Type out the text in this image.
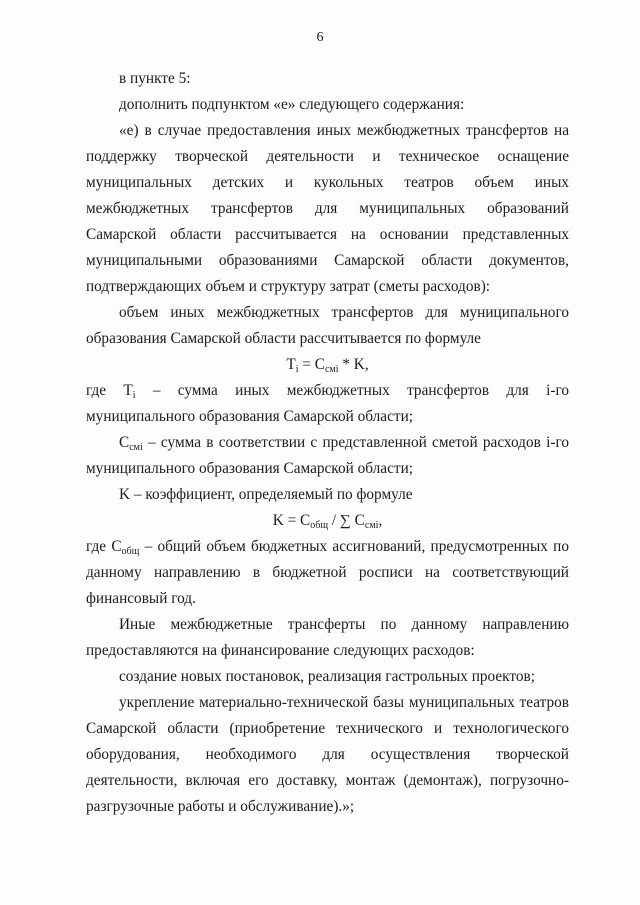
6

в пункте 5:

дополнить подпунктом «е» следующего содержания:

«е) в случае предоставления иных межбюджетных трансфертов на поддержку творческой деятельности и техническое оснащение муниципальных детских и кукольных театров объем иных межбюджетных трансфертов для муниципальных образований Самарской области рассчитывается на основании представленных муниципальными образованиями Самарской области документов, подтверждающих объем и структуру затрат (сметы расходов):

объем иных межбюджетных трансфертов для муниципального образования Самарской области рассчитывается по формуле

$T_i = C_{смi} * K$,

где $T_i$ – сумма иных межбюджетных трансфертов для i-го муниципального образования Самарской области;

$C_{смi}$ – сумма в соответствии с представленной сметой расходов i-го муниципального образования Самарской области;

K – коэффициент, определяемый по формуле

$K = C_{общ}$ / ∑ $C_{смi}$,

где $C_{общ}$ – общий объем бюджетных ассигнований, предусмотренных по данному направлению в бюджетной росписи на соответствующий финансовый год.

Иные межбюджетные трансферты по данному направлению предоставляются на финансирование следующих расходов:

создание новых постановок, реализация гастрольных проектов;

укрепление материально-технической базы муниципальных театров Самарской области (приобретение технического и технологического оборудования, необходимого для осуществления творческой деятельности, включая его доставку, монтаж (демонтаж), погрузочно-разгрузочные работы и обслуживание).»;
